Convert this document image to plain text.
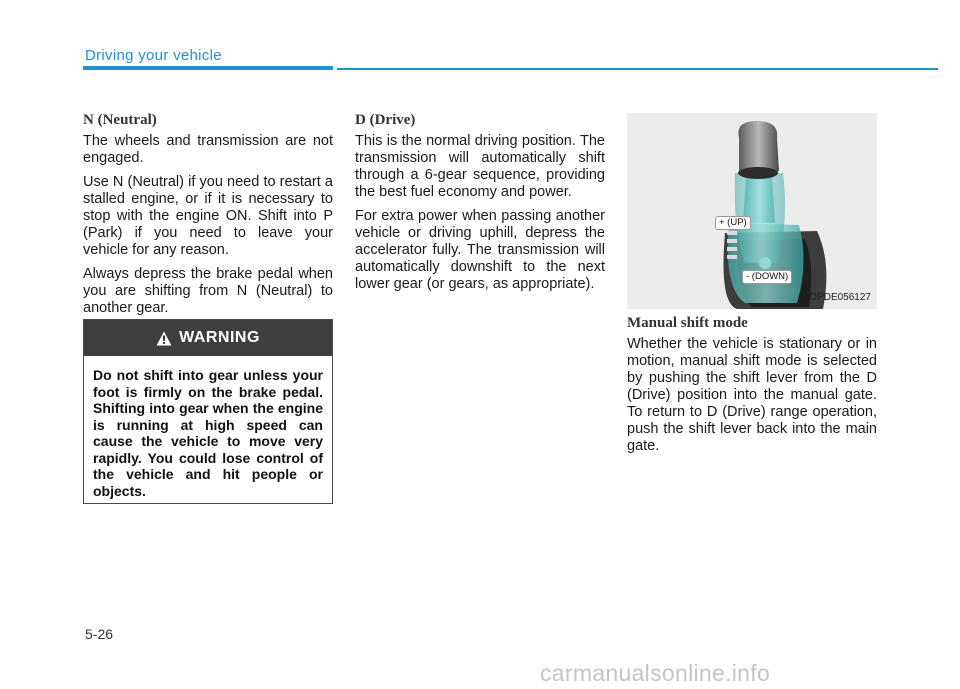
Driving your vehicle
N (Neutral)

The wheels and transmission are not engaged.

Use N (Neutral) if you need to restart a stalled engine, or if it is necessary to stop with the engine ON. Shift into P (Park) if you need to leave your vehicle for any reason.

Always depress the brake pedal when you are shifting from N (Neutral) to another gear.

WARNING
Do not shift into gear unless your foot is firmly on the brake pedal. Shifting into gear when the engine is running at high speed can cause the vehicle to move very rapidly. You could lose control of the vehicle and hit people or objects.
D (Drive)

This is the normal driving position. The transmission will automatically shift through a 6-gear sequence, providing the best fuel economy and power.

For extra power when passing another vehicle or driving uphill, depress the accelerator fully. The transmission will automatically downshift to the next lower gear (or gears, as appropriate).

+ (UP)
- (DOWN)
OPDE056127
Manual shift mode

Whether the vehicle is stationary or in motion, manual shift mode is selected by pushing the shift lever from the D (Drive) position into the manual gate. To return to D (Drive) range operation, push the shift lever back into the main gate.

5-26
carmanualsonline.info
